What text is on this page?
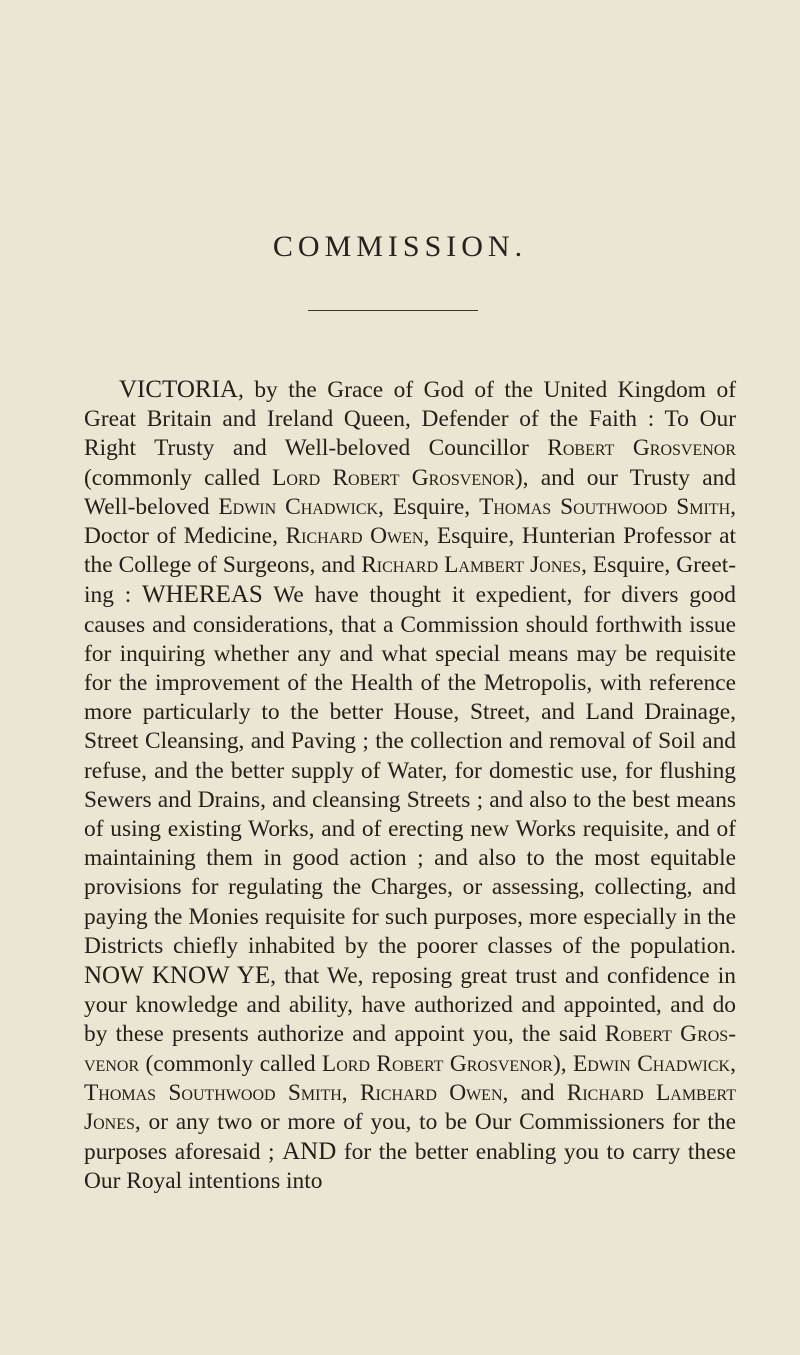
COMMISSION.

VICTORIA, by the Grace of God of the United Kingdom of Great Britain and Ireland Queen, Defender of the Faith : To Our Right Trusty and Well-beloved Councillor Robert Grosvenor (commonly called Lord Robert Grosvenor), and our Trusty and Well-beloved Edwin Chadwick, Esquire, Thomas Southwood Smith, Doctor of Medicine, Richard Owen, Esquire, Hunterian Professor at the College of Surgeons, and Richard Lambert Jones, Esquire, Greeting : WHEREAS We have thought it expedient, for divers good causes and considerations, that a Commission should forthwith issue for inquiring whether any and what special means may be requisite for the improvement of the Health of the Metropolis, with reference more particularly to the better House, Street, and Land Drainage, Street Cleansing, and Paving ; the collection and removal of Soil and refuse, and the better supply of Water, for domestic use, for flushing Sewers and Drains, and cleansing Streets ; and also to the best means of using existing Works, and of erecting new Works requisite, and of maintaining them in good action ; and also to the most equitable provisions for regulating the Charges, or assessing, collecting, and paying the Monies requisite for such purposes, more especially in the Districts chiefly inhabited by the poorer classes of the population. NOW KNOW YE, that We, reposing great trust and confidence in your knowledge and ability, have authorized and appointed, and do by these presents authorize and appoint you, the said Robert Grosvenor (commonly called Lord Robert Grosvenor), Edwin Chadwick, Thomas Southwood Smith, Richard Owen, and Richard Lambert Jones, or any two or more of you, to be Our Commissioners for the purposes aforesaid ; AND for the better enabling you to carry these Our Royal intentions into
